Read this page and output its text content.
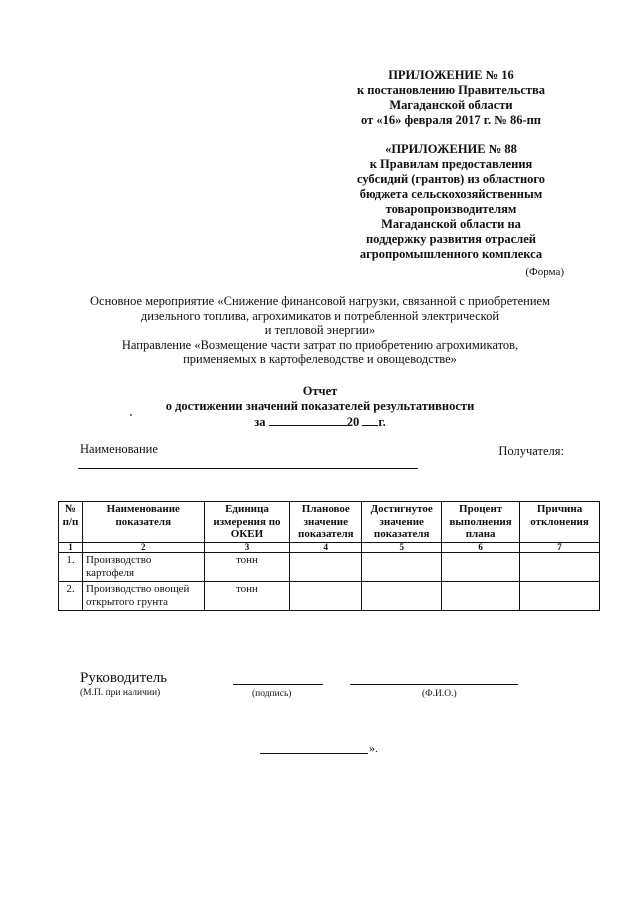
ПРИЛОЖЕНИЕ № 16
к постановлению Правительства
Магаданской области
от «16» февраля 2017 г. № 86-пп
«ПРИЛОЖЕНИЕ № 88
к Правилам предоставления
субсидий (грантов) из областного
бюджета сельскохозяйственным
товаропроизводителям
Магаданской области на
поддержку развития отраслей
агропромышленного комплекса
(Форма)
Основное мероприятие «Снижение финансовой нагрузки, связанной с приобретением
дизельного топлива, агрохимикатов и потребленной электрической
и тепловой энергии»
Направление «Возмещение части затрат по приобретению агрохимикатов,
применяемых в картофелеводстве и овощеводстве»
Отчет
о достижении значений показателей результативности
за	20 г.
Наименование	Получателя:
№ п/п	Наименование показателя	Единица измерения по ОКЕИ	Плановое значение показателя	Достигнутое значение показателя	Процент выполнения плана	Причина отклонения
1	2	3	4	5	6	7
1.	Производство картофеля	тонн				
2.	Производство овощей открытого грунта	тонн				
Руководитель
(М.П. при наличии)	(подпись)	(Ф.И.О.)
».
